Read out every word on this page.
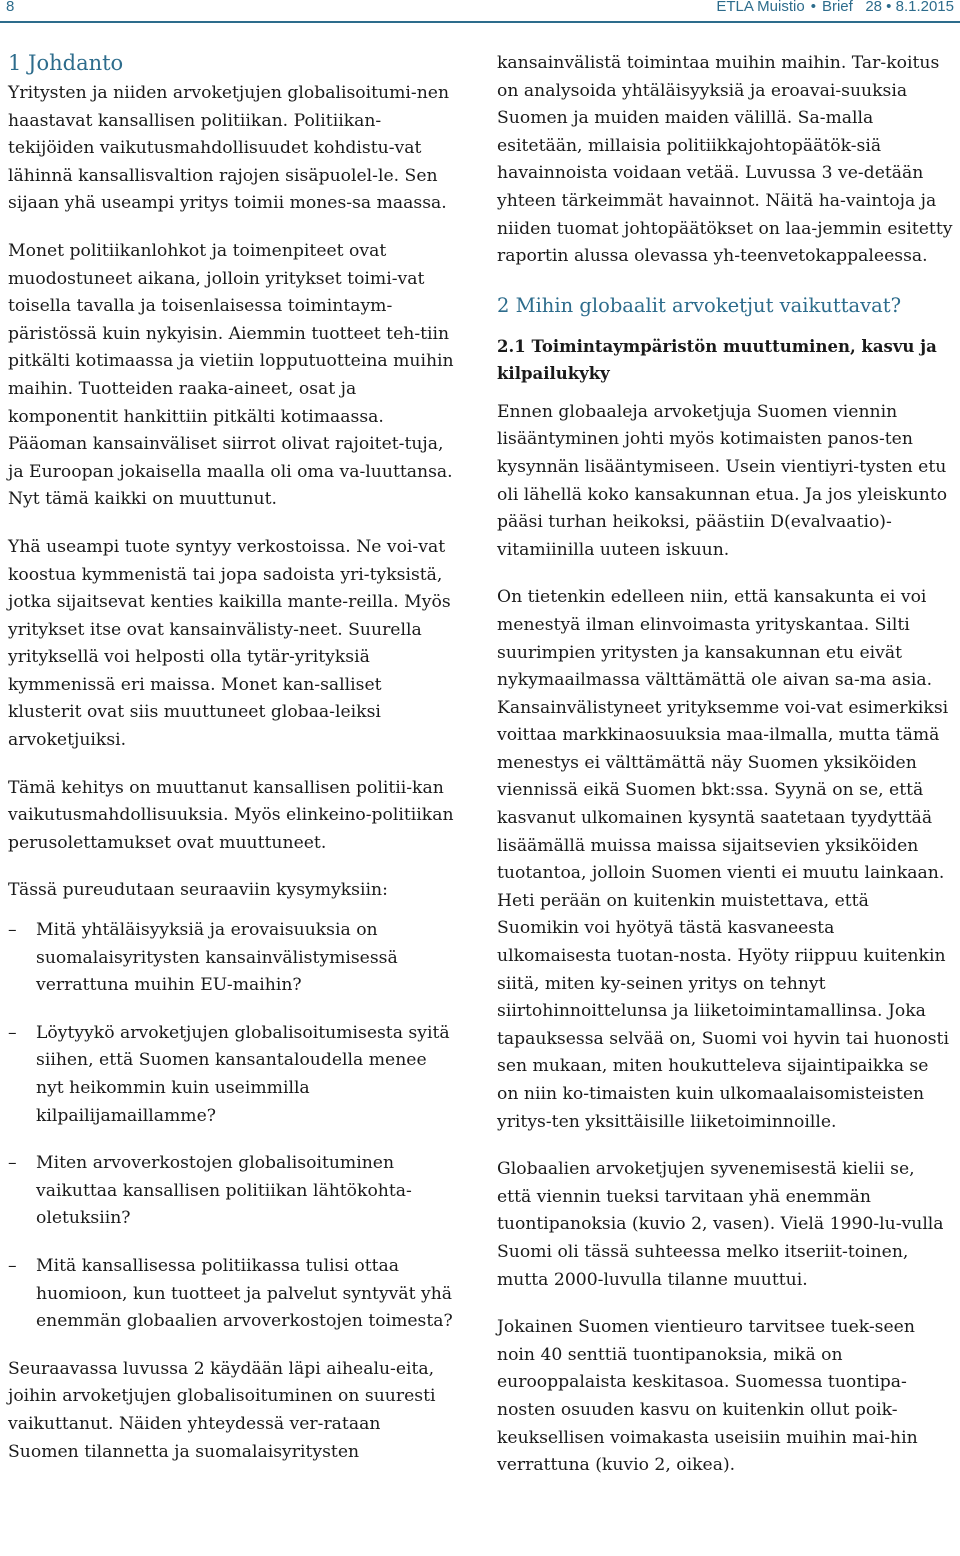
8	ETLA Muistio • Brief 28 • 8.1.2015
1 Johdanto

Yritysten ja niiden arvoketjujen globalisoitumi-nen haastavat kansallisen politiikan. Politiikan-tekijöiden vaikutusmahdollisuudet kohdistu-vat lähinnä kansallisvaltion rajojen sisäpuolel-le. Sen sijaan yhä useampi yritys toimii mones-sa maassa.

Monet politiikanlohkot ja toimenpiteet ovat muodostuneet aikana, jolloin yritykset toimi-vat toisella tavalla ja toisenlaisessa toimintaym-päristössä kuin nykyisin. Aiemmin tuotteet teh-tiin pitkälti kotimaassa ja vietiin lopputuotteina muihin maihin. Tuotteiden raaka-aineet, osat ja komponentit hankittiin pitkälti kotimaassa. Pääoman kansainväliset siirrot olivat rajoitet-tuja, ja Euroopan jokaisella maalla oli oma va-luuttansa. Nyt tämä kaikki on muuttunut.

Yhä useampi tuote syntyy verkostoissa. Ne voi-vat koostua kymmenistä tai jopa sadoista yri-tyksistä, jotka sijaitsevat kenties kaikilla mante-reilla. Myös yritykset itse ovat kansainvälisty-neet. Suurella yrityksellä voi helposti olla tytär-yrityksiä kymmenissä eri maissa. Monet kan-salliset klusterit ovat siis muuttuneet globaa-leiksi arvoketjuiksi.

Tämä kehitys on muuttanut kansallisen politii-kan vaikutusmahdollisuuksia. Myös elinkeino-politiikan perusolettamukset ovat muuttuneet.

Tässä pureudutaan seuraaviin kysymyksiin:

– Mitä yhtäläisyyksiä ja erovaisuuksia on suomalaisyritysten kansainvälistymisessä verrattuna muihin EU-maihin?
– Löytyykö arvoketjujen globalisoitumisesta syitä siihen, että Suomen kansantaloudella menee nyt heikommin kuin useimmilla kilpailijamaillamme?
– Miten arvoverkostojen globalisoituminen vaikuttaa kansallisen politiikan lähtökohta-oletuksiin?
– Mitä kansallisessa politiikassa tulisi ottaa huomioon, kun tuotteet ja palvelut syntyvät yhä enemmän globaalien arvoverkostojen toimesta?

Seuraavassa luvussa 2 käydään läpi aihealu-eita, joihin arvoketjujen globalisoituminen on suuresti vaikuttanut. Näiden yhteydessä ver-rataan Suomen tilannetta ja suomalaisyritysten

kansainvälistä toimintaa muihin maihin. Tar-koitus on analysoida yhtäläisyyksiä ja eroavai-suuksia Suomen ja muiden maiden välillä. Sa-malla esitetään, millaisia politiikkajohtopäätök-siä havainnoista voidaan vetää. Luvussa 3 ve-detään yhteen tärkeimmät havainnot. Näitä ha-vaintoja ja niiden tuomat johtopäätökset on laa-jemmin esitetty raportin alussa olevassa yh-teenvetokappaleessa.

2 Mihin globaalit arvoketjut vaikuttavat?
2.1 Toimintaympäristön muuttuminen, kasvu ja kilpailukyky

Ennen globaaleja arvoketjuja Suomen viennin lisääntyminen johti myös kotimaisten panos-ten kysynnän lisääntymiseen. Usein vientiyri-tysten etu oli lähellä koko kansakunnan etua. Ja jos yleiskunto pääsi turhan heikoksi, päästiin D(evalvaatio)-vitamiinilla uuteen iskuun.

On tietenkin edelleen niin, että kansakunta ei voi menestyä ilman elinvoimasta yrityskantaa. Silti suurimpien yritysten ja kansakunnan etu eivät nykymaailmassa välttämättä ole aivan sa-ma asia. Kansainvälistyneet yrityksemme voi-vat esimerkiksi voittaa markkinaosuuksia maa-ilmalla, mutta tämä menestys ei välttämättä näy Suomen yksiköiden viennissä eikä Suomen bkt:ssa. Syynä on se, että kasvanut ulkomainen kysyntä saatetaan tyydyttää lisäämällä muissa maissa sijaitsevien yksiköiden tuotantoa, jolloin Suomen vienti ei muutu lainkaan. Heti perään on kuitenkin muistettava, että Suomikin voi hyötyä tästä kasvaneesta ulkomaisesta tuotan-nosta. Hyöty riippuu kuitenkin siitä, miten ky-seinen yritys on tehnyt siirtohinnoittelunsa ja liiketoimintamallinsa. Joka tapauksessa selvää on, Suomi voi hyvin tai huonosti sen mukaan, miten houkutteleva sijaintipaikka se on niin ko-timaisten kuin ulkomaalaisomisteisten yritys-ten yksittäisille liiketoiminnoille.

Globaalien arvoketjujen syvenemisestä kielii se, että viennin tueksi tarvitaan yhä enemmän tuontipanoksia (kuvio 2, vasen). Vielä 1990-lu-vulla Suomi oli tässä suhteessa melko itseriit-toinen, mutta 2000-luvulla tilanne muuttui.

Jokainen Suomen vientieuro tarvitsee tuek-seen noin 40 senttiä tuontipanoksia, mikä on eurooppalaista keskitasoa. Suomessa tuontipa-nosten osuuden kasvu on kuitenkin ollut poik-keuksellisen voimakasta useisiin muihin mai-hin verrattuna (kuvio 2, oikea).
